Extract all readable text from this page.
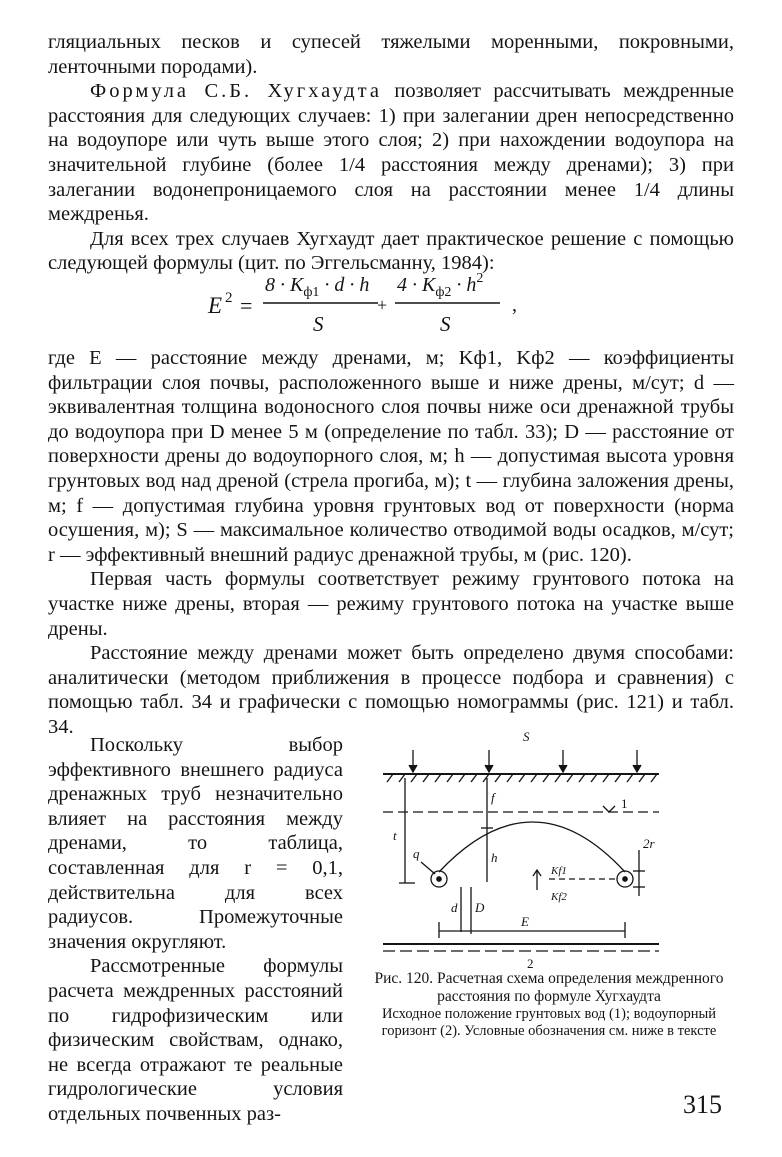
гляциальных песков и супесей тяжелыми моренными, покровными, ленточными породами).

Формула С.Б. Хугхаудта позволяет рассчитывать междренные расстояния для следующих случаев: 1) при залегании дрен непосредственно на водоупоре или чуть выше этого слоя; 2) при нахождении водоупора на значительной глубине (более 1/4 расстояния между дренами); 3) при залегании водонепроницаемого слоя на расстоянии менее 1/4 длины междренья.

Для всех трех случаев Хугхаудт дает практическое решение с помощью следующей формулы (цит. по Эггельсманну, 1984):

E 2 =
$8 \cdot K_{ф1} \cdot d \cdot h$
S
+
$4 \cdot K_{ф2} \cdot h^2$
S
,

где E — расстояние между дренами, м; Kф1, Kф2 — коэффициенты фильтрации слоя почвы, расположенного выше и ниже дрены, м/сут; d — эквивалентная толщина водоносного слоя почвы ниже оси дренажной трубы до водоупора при D менее 5 м (определение по табл. 33); D — расстояние от поверхности дрены до водоупорного слоя, м; h — допустимая высота уровня грунтовых вод над дреной (стрела прогиба, м); t — глубина заложения дрены, м; f — допустимая глубина уровня грунтовых вод от поверхности (норма осушения, м); S — максимальное количество отводимой воды осадков, м/сут; r — эффективный внешний радиус дренажной трубы, м (рис. 120).

Первая часть формулы соответствует режиму грунтового потока на участке ниже дрены, вторая — режиму грунтового потока на участке выше дрены.

Расстояние между дренами может быть определено двумя способами: аналитически (методом приближения в процессе подбора и сравнения) с помощью табл. 34 и графически с помощью номограммы (рис. 121) и табл. 34.

Поскольку выбор эффективного внешнего радиуса дренажных труб незначительно влияет на расстояния между дренами, то таблица, составленная для r = 0,1, действительна для всех радиусов. Промежуточные значения округляют.

Рассмотренные формулы расчета междренных расстояний по гидрофизическим или физическим свойствам, однако, не всегда отражают те реальные гидрологические условия отдельных почвенных раз-

S
1
2
t
f
h
q
d D
E
2r
Kf1
Kf2
Рис. 120. Расчетная схема определения междренного расстояния по формуле Хугхаудта
Исходное положение грунтовых вод (1); водоупорный горизонт (2). Условные обозначения см. ниже в тексте
315
